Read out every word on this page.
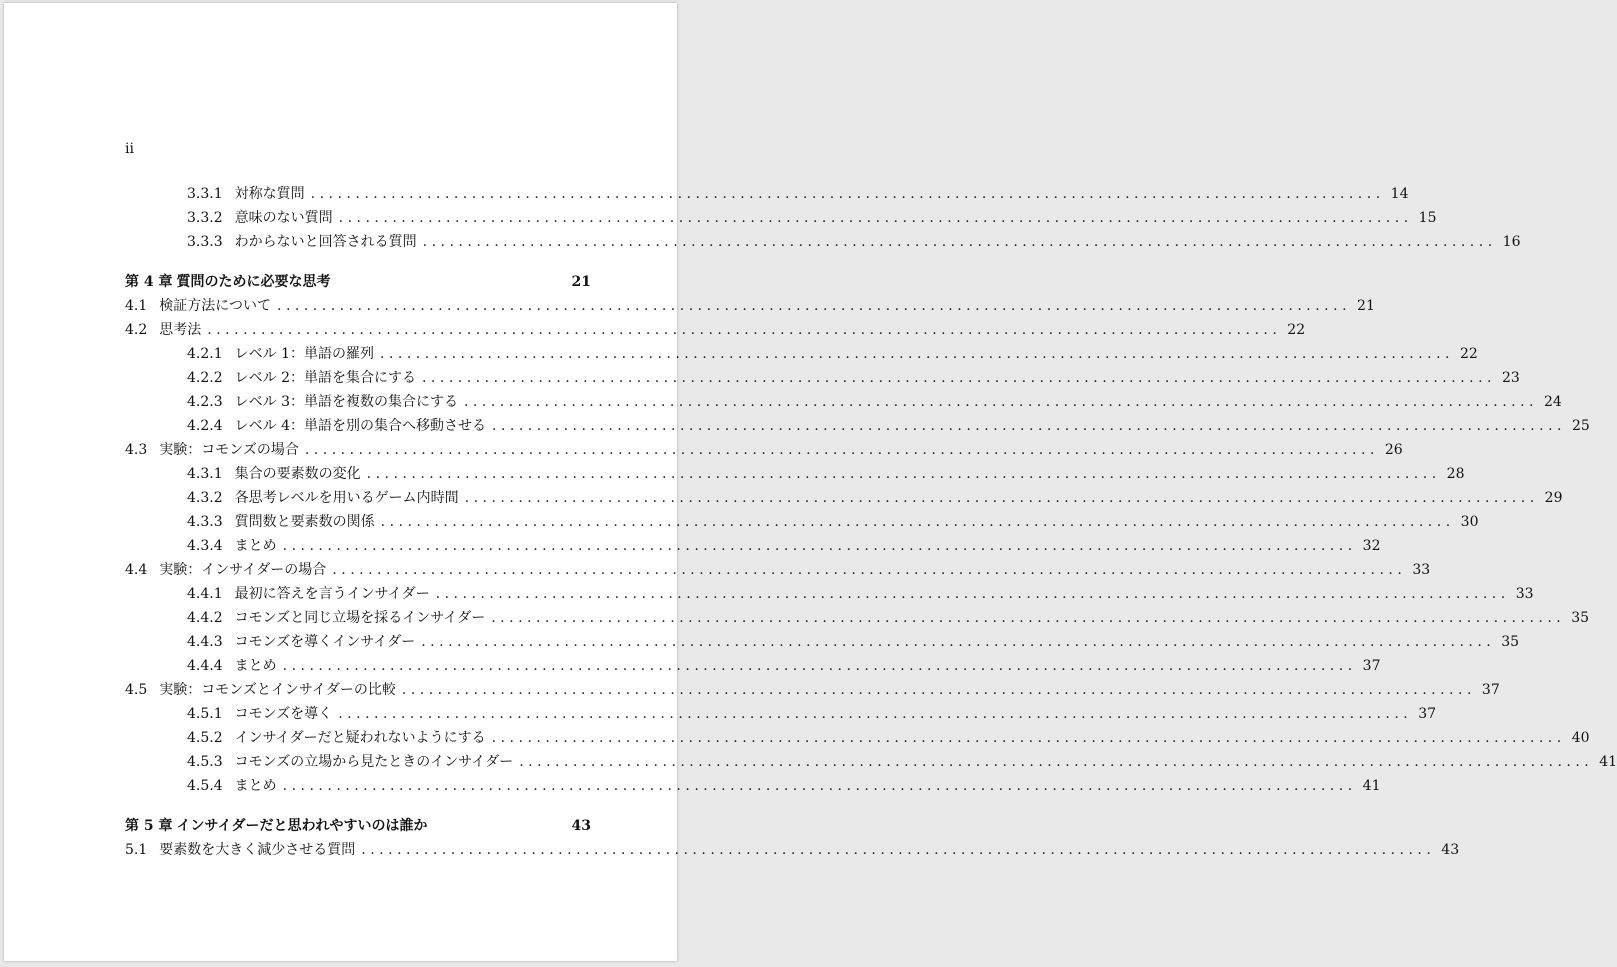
ii
3.3.1 対称な質問 ........................................................................................................................ 14
3.3.2 意味のない質問 ........................................................................................................................ 15
3.3.3 わからないと回答される質問 ........................................................................................................................ 16
第 4 章 質問のために必要な思考	21
4.1 検証方法について ........................................................................................................................ 21
4.2 思考法 ........................................................................................................................ 22
4.2.1 レベル 1：単語の羅列 ........................................................................................................................ 22
4.2.2 レベル 2：単語を集合にする ........................................................................................................................ 23
4.2.3 レベル 3：単語を複数の集合にする ........................................................................................................................ 24
4.2.4 レベル 4：単語を別の集合へ移動させる ........................................................................................................................ 25
4.3 実験：コモンズの場合 ........................................................................................................................ 26
4.3.1 集合の要素数の変化 ........................................................................................................................ 28
4.3.2 各思考レベルを用いるゲーム内時間 ........................................................................................................................ 29
4.3.3 質問数と要素数の関係 ........................................................................................................................ 30
4.3.4 まとめ ........................................................................................................................ 32
4.4 実験：インサイダーの場合 ........................................................................................................................ 33
4.4.1 最初に答えを言うインサイダー ........................................................................................................................ 33
4.4.2 コモンズと同じ立場を採るインサイダー ........................................................................................................................ 35
4.4.3 コモンズを導くインサイダー ........................................................................................................................ 35
4.4.4 まとめ ........................................................................................................................ 37
4.5 実験：コモンズとインサイダーの比較 ........................................................................................................................ 37
4.5.1 コモンズを導く ........................................................................................................................ 37
4.5.2 インサイダーだと疑われないようにする ........................................................................................................................ 40
4.5.3 コモンズの立場から見たときのインサイダー ........................................................................................................................ 41
4.5.4 まとめ ........................................................................................................................ 41
第 5 章 インサイダーだと思われやすいのは誰か	43
5.1 要素数を大きく減少させる質問 ........................................................................................................................ 43
